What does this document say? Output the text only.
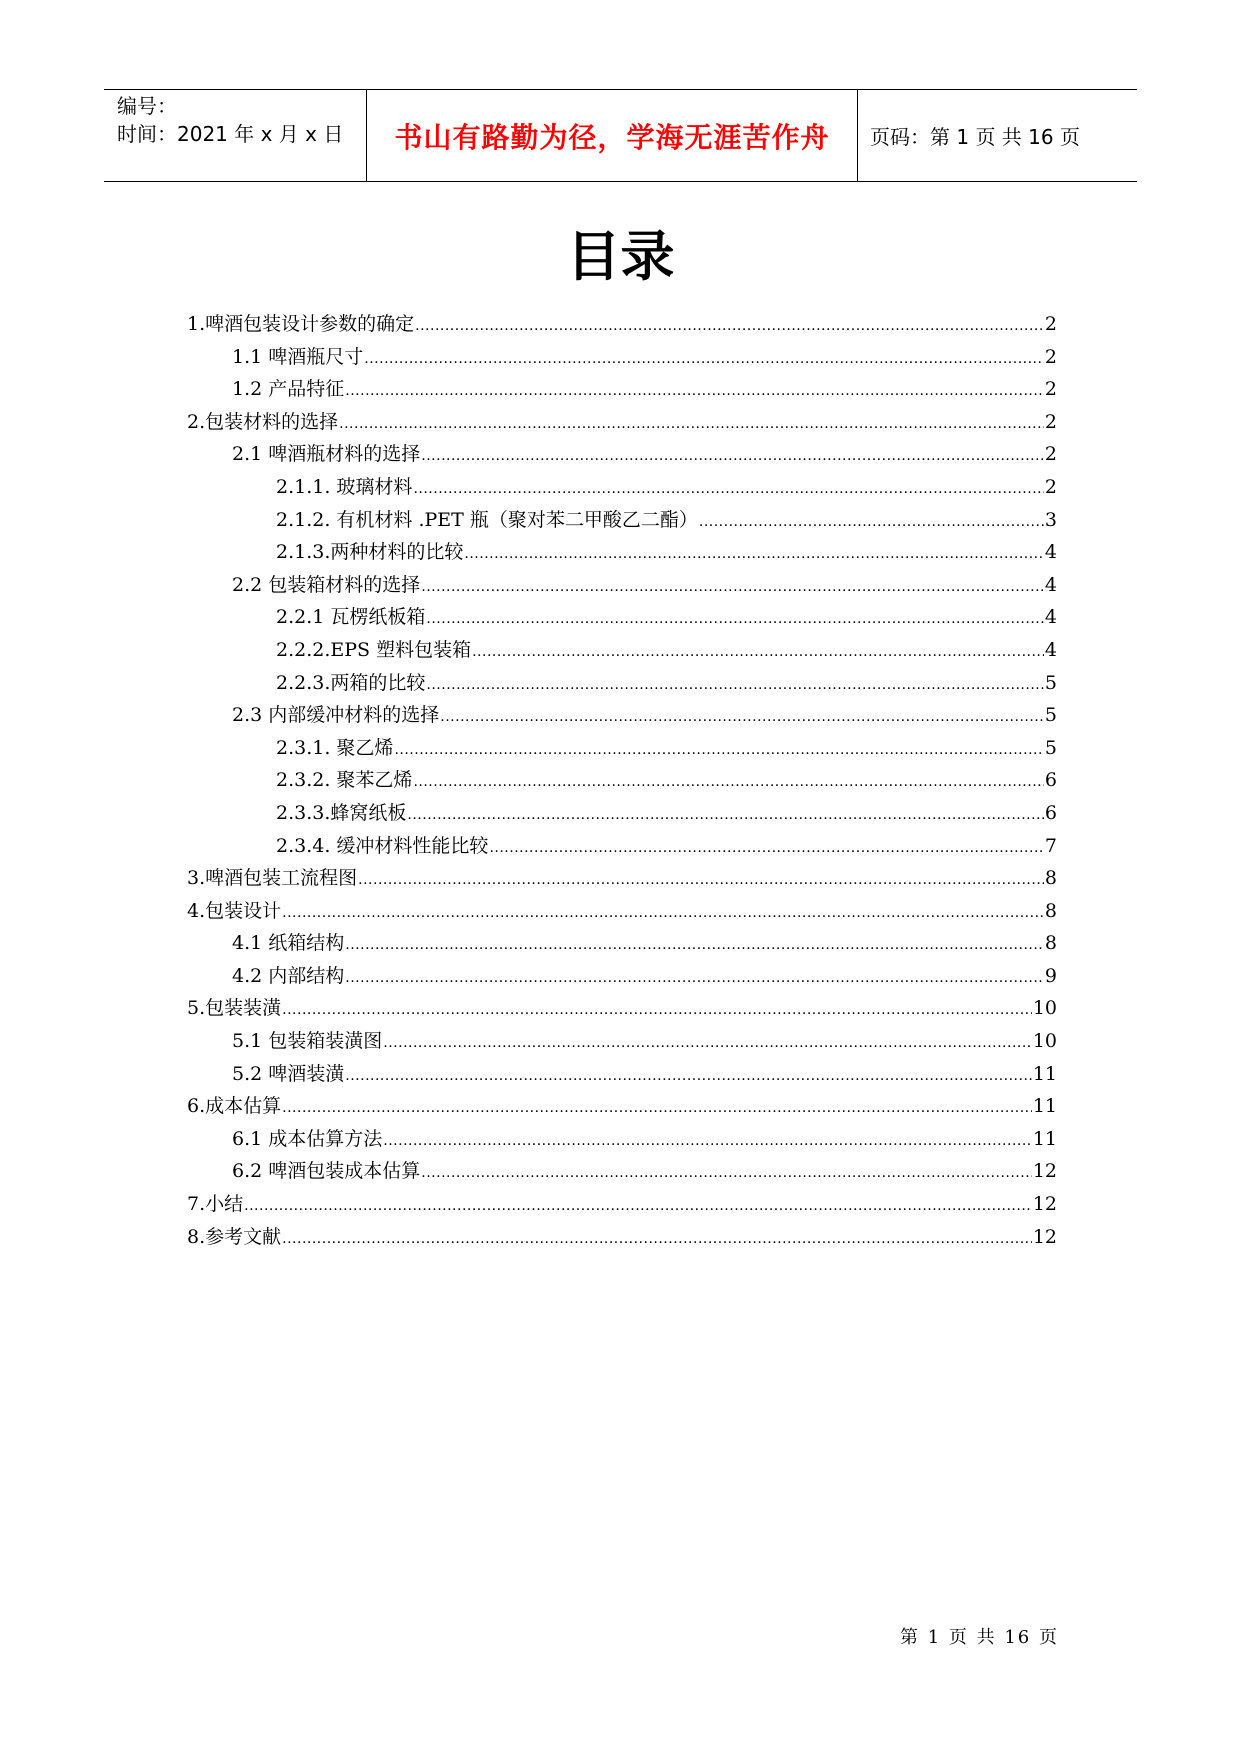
编号：
时间：2021 年 x 月 x 日	书山有路勤为径，学海无涯苦作舟 页码：第 1 页 共 16 页
目录
1.啤酒包装设计参数的确定 .....	2
1.1 啤酒瓶尺寸 .....	2
1.2 产品特征 .....	2
2.包装材料的选择 .....	2
2.1 啤酒瓶材料的选择 .....	2
2.1.1. 玻璃材料 .....	2
2.1.2. 有机材料 .PET 瓶（聚对苯二甲酸乙二酯） .....	3
2.1.3.两种材料的比较 .....	4
2.2 包装箱材料的选择 .....	4
2.2.1 瓦楞纸板箱 .....	4
2.2.2.EPS 塑料包装箱 .....	4
2.2.3.两箱的比较 .....	5
2.3 内部缓冲材料的选择 .....	5
2.3.1. 聚乙烯 .....	5
2.3.2. 聚苯乙烯 .....	6
2.3.3.蜂窝纸板 .....	6
2.3.4. 缓冲材料性能比较 .....	7
3.啤酒包装工流程图 .....	8
4.包装设计 .....	8
4.1 纸箱结构 .....	8
4.2 内部结构 .....	9
5.包装装潢 .....	10
5.1 包装箱装潢图 .....	10
5.2 啤酒装潢 .....	11
6.成本估算 .....	11
6.1 成本估算方法 .....	11
6.2 啤酒包装成本估算 .....	12
7.小结 .....	12
8.参考文献 .....	12
第 1 页 共 16 页
